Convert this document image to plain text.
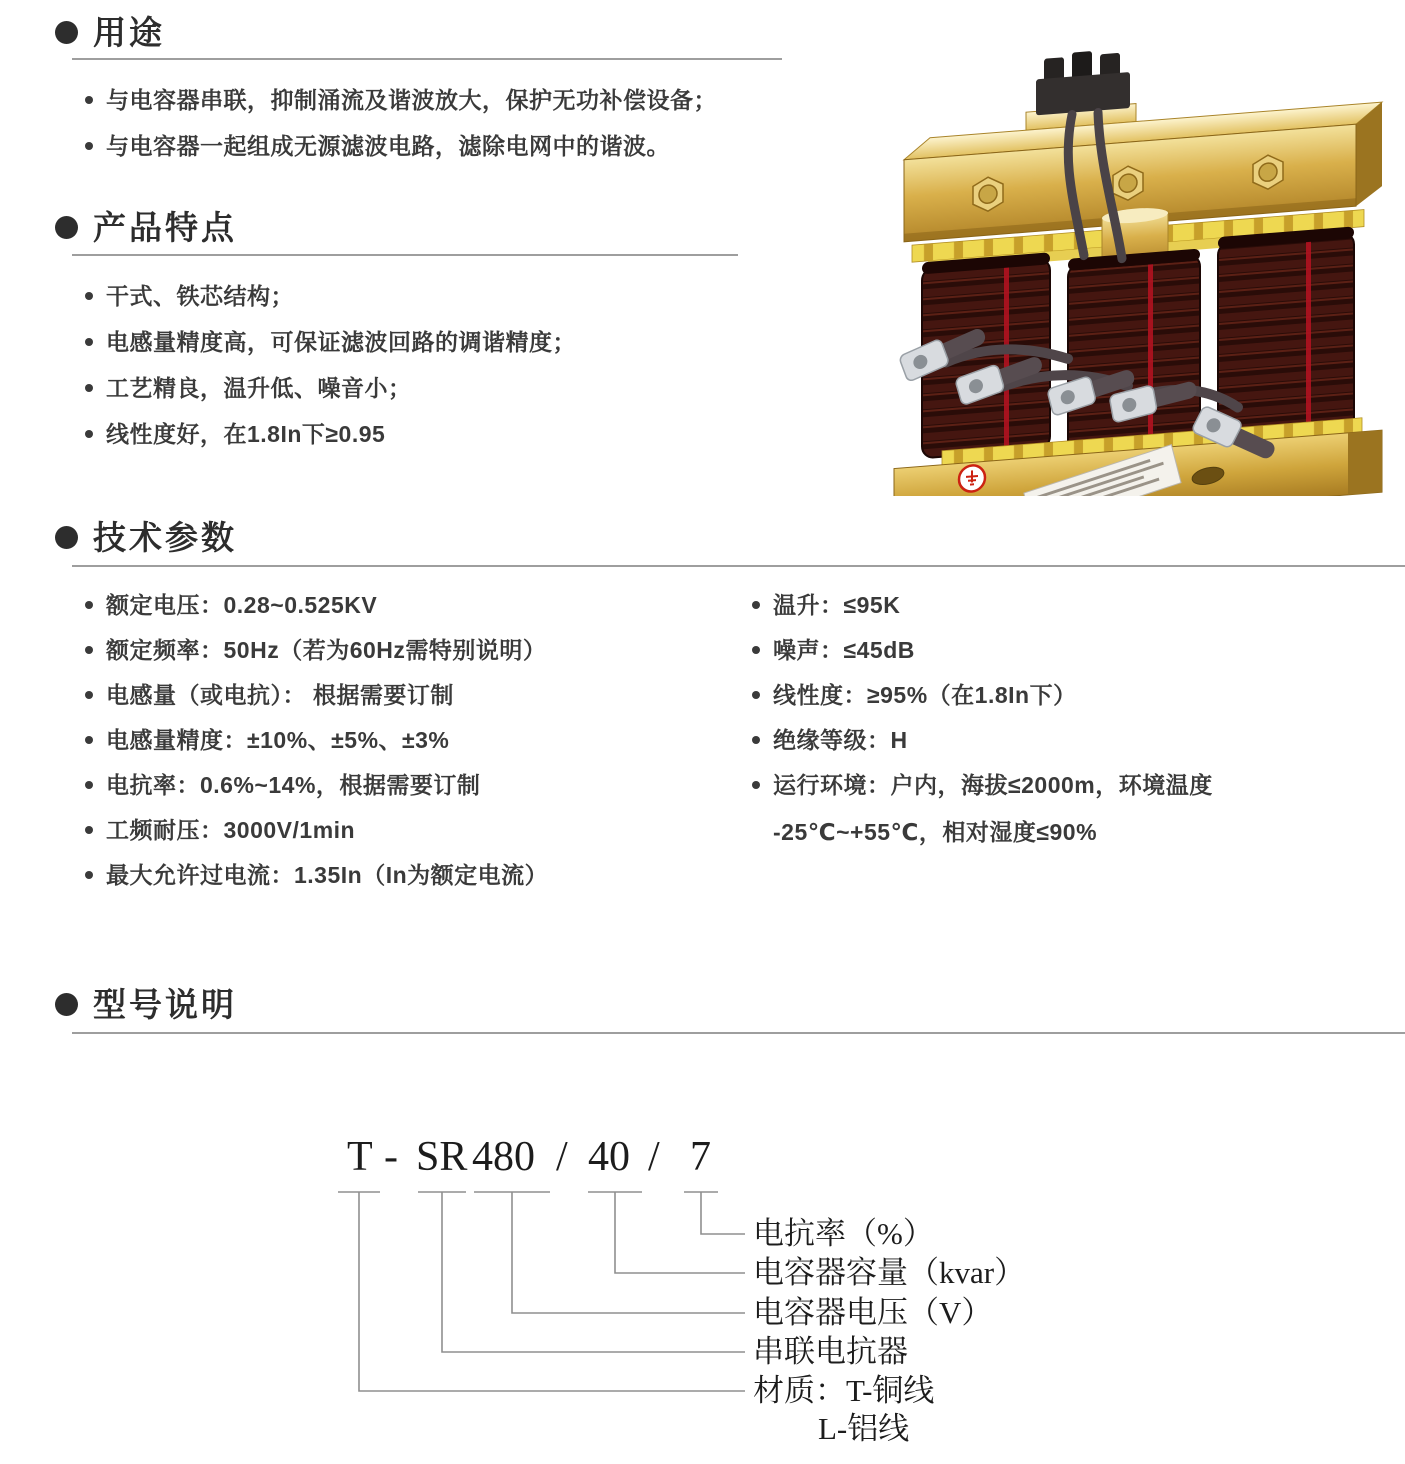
用途
与电容器串联，抑制涌流及谐波放大，保护无功补偿设备；
与电容器一起组成无源滤波电路，滤除电网中的谐波。
产品特点
干式、铁芯结构；
电感量精度高，可保证滤波回路的调谐精度；
工艺精良，温升低、噪音小；
线性度好，在1.8In下≥0.95
技术参数
额定电压：0.28~0.525KV
额定频率：50Hz（若为60Hz需特别说明）
电感量（或电抗）： 根据需要订制
电感量精度：±10%、±5%、±3%
电抗率：0.6%~14%，根据需要订制
工频耐压：3000V/1min
最大允许过电流：1.35In（In为额定电流）
温升：≤95K
噪声：≤45dB
线性度：≥95%（在1.8In下）
绝缘等级：H
运行环境：户内，海拔≤2000m，环境温度
-25℃~+55℃，相对湿度≤90%
型号说明
T - SR 480 / 40 / 7
电抗率（%）
电容器容量（kvar）
电容器电压（V）
串联电抗器
材质：T-铜线
L-铝线
